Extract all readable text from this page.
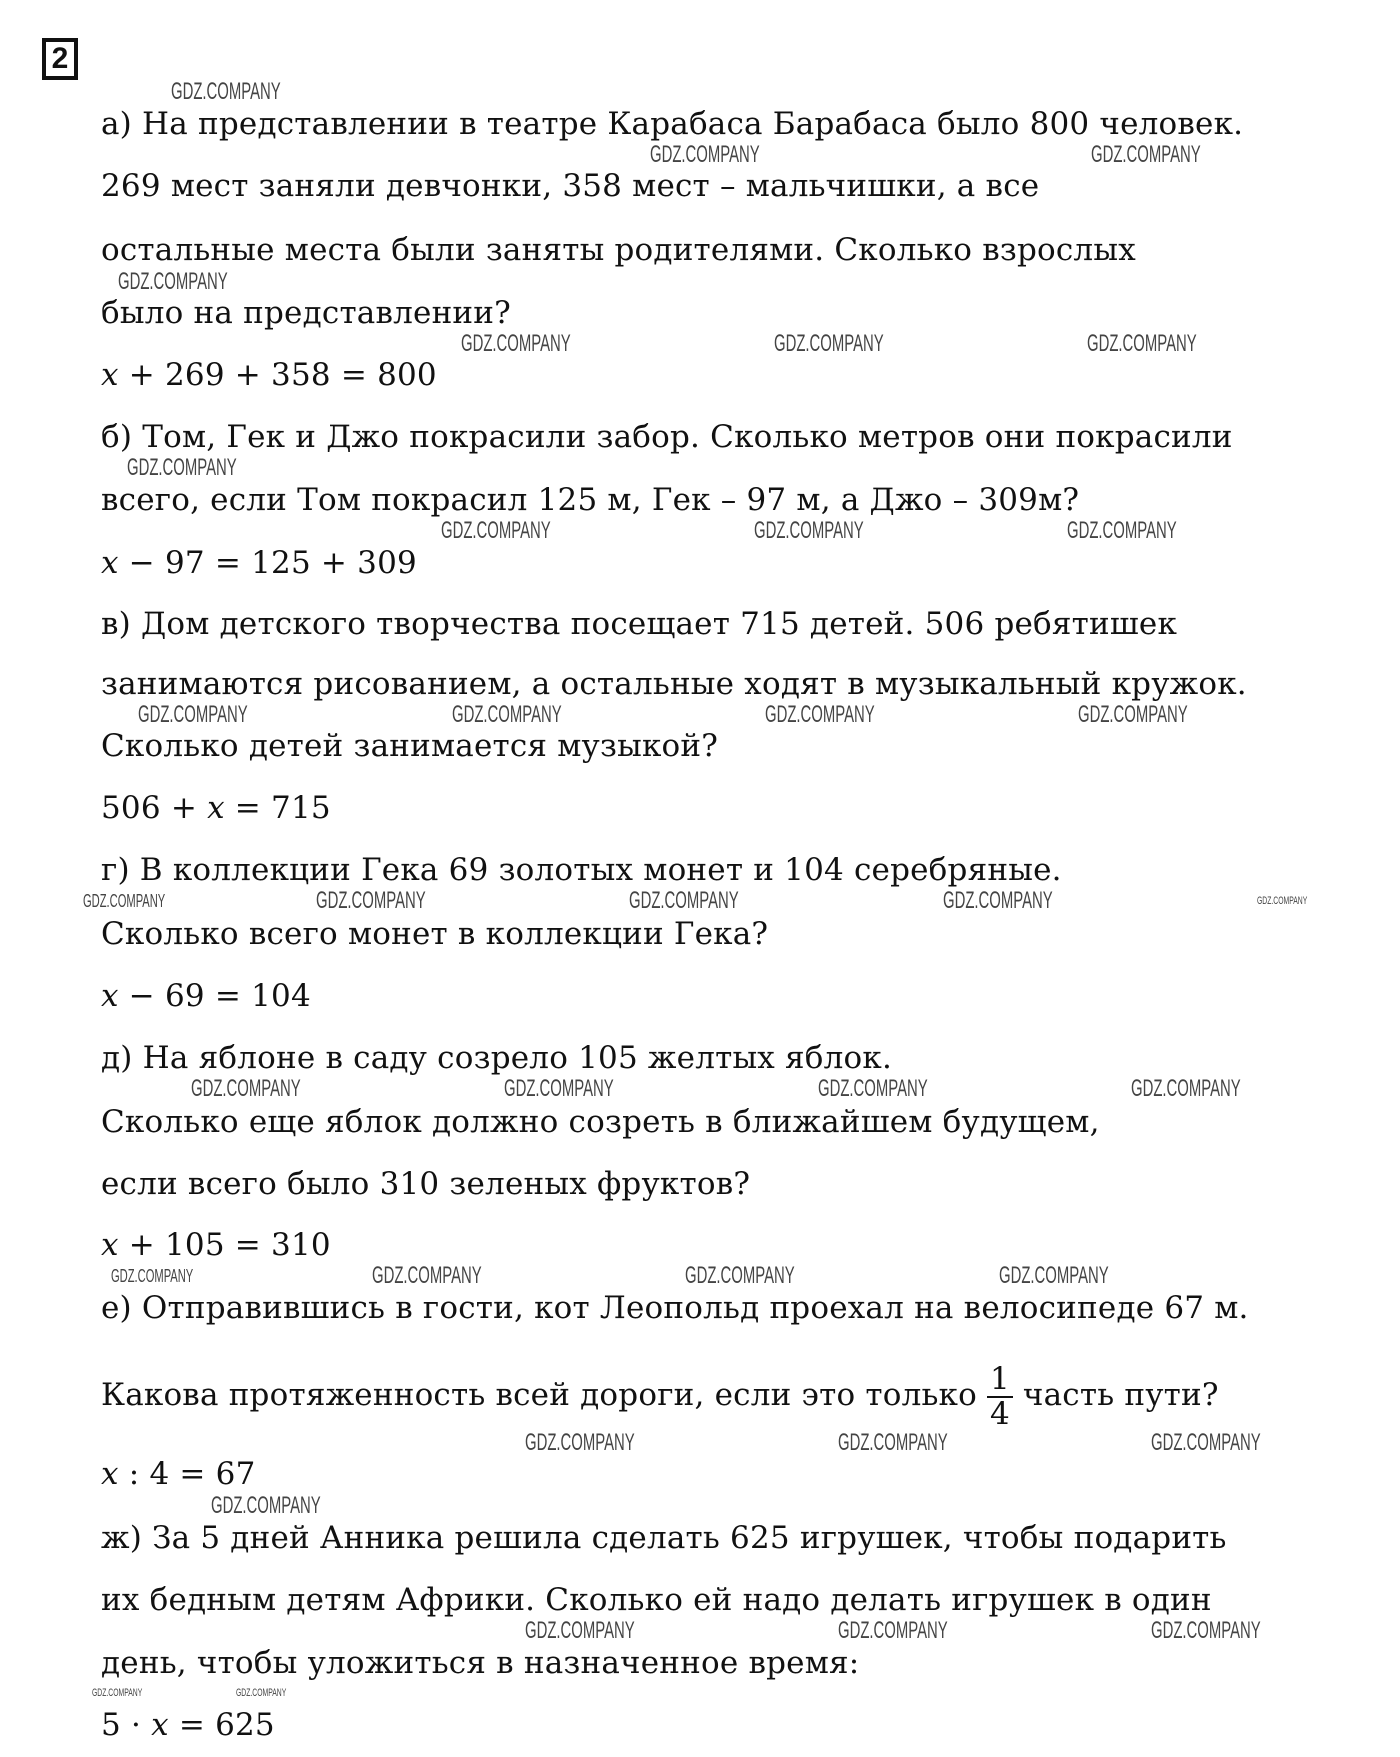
2
а) На представлении в театре Карабаса Барабаса было 800 человек.
269 мест заняли девчонки, 358 мест – мальчишки, а все
остальные места были заняты родителями. Сколько взрослых
было на представлении?
x + 269 + 358 = 800
б) Том, Гек и Джо покрасили забор. Сколько метров они покрасили
всего, если Том покрасил 125 м, Гек – 97 м, а Джо – 309м?
x − 97 = 125 + 309
в) Дом детского творчества посещает 715 детей. 506 ребятишек
занимаются рисованием, а остальные ходят в музыкальный кружок.
Сколько детей занимается музыкой?
506 + x = 715
г) В коллекции Гека 69 золотых монет и 104 серебряные.
Сколько всего монет в коллекции Гека?
x − 69 = 104
д) На яблоне в саду созрело 105 желтых яблок.
Сколько еще яблок должно созреть в ближайшем будущем,
если всего было 310 зеленых фруктов?
x + 105 = 310
е) Отправившись в гости, кот Леопольд проехал на велосипеде 67 м.
Какова протяженность всей дороги, если это только $\frac{1}{4}$ часть пути?
x : 4 = 67
ж) За 5 дней Анника решила сделать 625 игрушек, чтобы подарить
их бедным детям Африки. Сколько ей надо делать игрушек в один
день, чтобы уложиться в назначенное время:
5 · x = 625
GDZ.COMPANY
GDZ.COMPANY	GDZ.COMPANY
GDZ.COMPANY
GDZ.COMPANY	GDZ.COMPANY	GDZ.COMPANY
GDZ.COMPANY
GDZ.COMPANY	GDZ.COMPANY	GDZ.COMPANY
GDZ.COMPANY	GDZ.COMPANY	GDZ.COMPANY	GDZ.COMPANY
GDZ.COMPANY	GDZ.COMPANY	GDZ.COMPANY	GDZ.COMPANY	GDZ.COMPANY
GDZ.COMPANY	GDZ.COMPANY	GDZ.COMPANY	GDZ.COMPANY
GDZ.COMPANY	GDZ.COMPANY	GDZ.COMPANY	GDZ.COMPANY
GDZ.COMPANY	GDZ.COMPANY	GDZ.COMPANY
GDZ.COMPANY
GDZ.COMPANY	GDZ.COMPANY	GDZ.COMPANY
GDZ.COMPANY	GDZ.COMPANY
